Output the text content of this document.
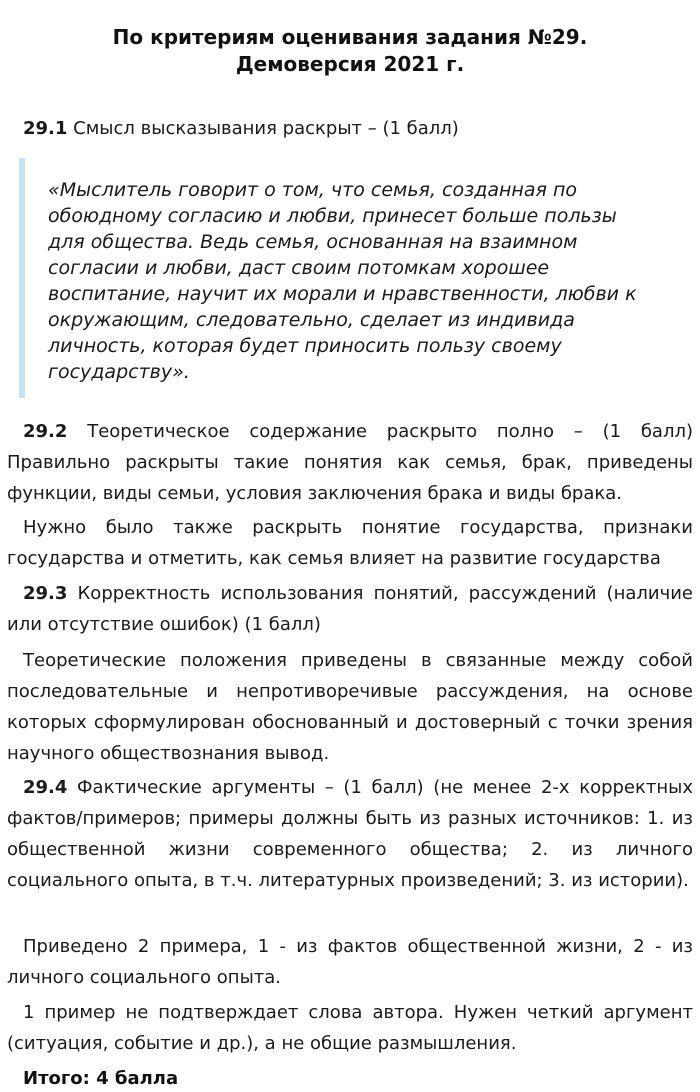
По критериям оценивания задания №29.
Демоверсия 2021 г.
29.1 Смысл высказывания раскрыт – (1 балл)
«Мыслитель говорит о том, что семья, созданная по обоюдному согласию и любви, принесет больше пользы для общества. Ведь семья, основанная на взаимном согласии и любви, даст своим потомкам хорошее воспитание, научит их морали и нравственности, любви к окружающим, следовательно, сделает из индивида личность, которая будет приносить пользу своему государству».
29.2 Теоретическое содержание раскрыто полно – (1 балл) Правильно раскрыты такие понятия как семья, брак, приведены функции, виды семьи, условия заключения брака и виды брака.
Нужно было также раскрыть понятие государства, признаки государства и отметить, как семья влияет на развитие государства
29.3 Корректность использования понятий, рассуждений (наличие или отсутствие ошибок) (1 балл)
Теоретические положения приведены в связанные между собой последовательные и непротиворечивые рассуждения, на основе которых сформулирован обоснованный и достоверный с точки зрения научного обществознания вывод.
29.4 Фактические аргументы – (1 балл) (не менее 2-х корректных фактов/примеров; примеры должны быть из разных источников: 1. из общественной жизни современного общества; 2. из личного социального опыта, в т.ч. литературных произведений; 3. из истории).
Приведено 2 примера, 1 - из фактов общественной жизни, 2 - из личного социального опыта.
1 пример не подтверждает слова автора. Нужен четкий аргумент (ситуация, событие и др.), а не общие размышления.
Итого: 4 балла
